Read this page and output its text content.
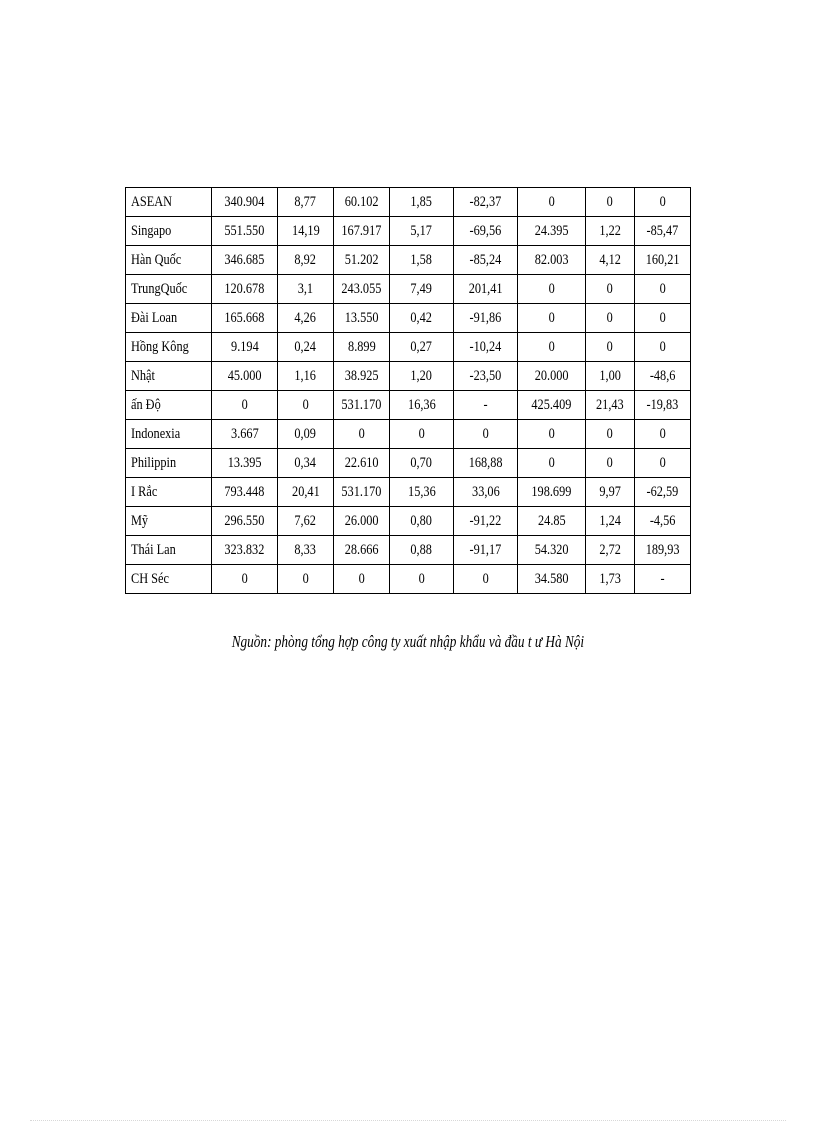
ASEAN	340.904	8,77	60.102	1,85	-82,37	0	0	0
Singapo	551.550	14,19	167.917	5,17	-69,56	24.395	1,22	-85,47
Hàn Quốc	346.685	8,92	51.202	1,58	-85,24	82.003	4,12	160,21
TrungQuốc	120.678	3,1	243.055	7,49	201,41	0	0	0
Đài Loan	165.668	4,26	13.550	0,42	-91,86	0	0	0
Hồng Kông	9.194	0,24	8.899	0,27	-10,24	0	0	0
Nhật	45.000	1,16	38.925	1,20	-23,50	20.000	1,00	-48,6
ấn Độ	0	0	531.170	16,36	-	425.409	21,43	-19,83
Indonexia	3.667	0,09	0	0	0	0	0	0
Philippin	13.395	0,34	22.610	0,70	168,88	0	0	0
I Rắc	793.448	20,41	531.170	15,36	33,06	198.699	9,97	-62,59
Mỹ	296.550	7,62	26.000	0,80	-91,22	24.85	1,24	-4,56
Thái Lan	323.832	8,33	28.666	0,88	-91,17	54.320	2,72	189,93
CH Séc	0	0	0	0	0	34.580	1,73	-
Nguồn: phòng tổng hợp công ty xuất nhập khẩu và đầu t ư Hà Nội
